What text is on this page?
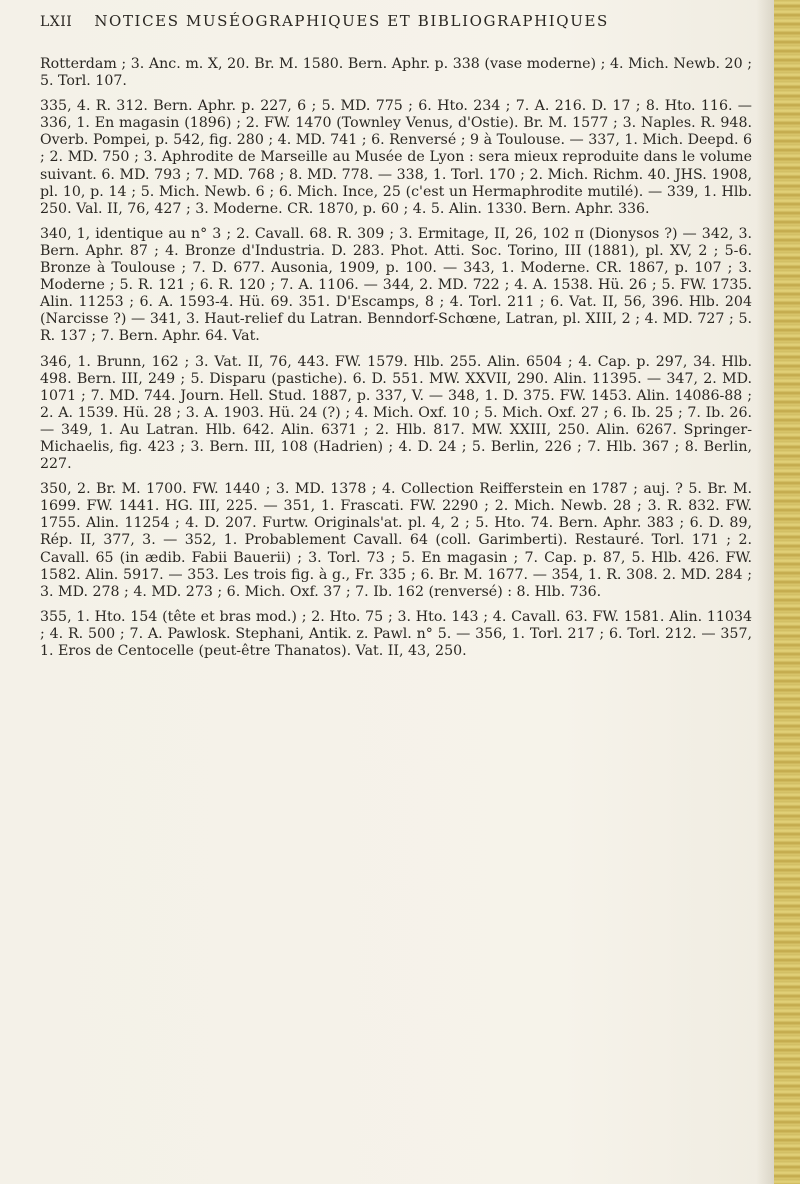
LXII NOTICES MUSÉOGRAPHIQUES ET BIBLIOGRAPHIQUES

Rotterdam ; 3. Anc. m. X, 20. Br. M. 1580. Bern. Aphr. p. 338 (vase moderne) ; 4. Mich. Newb. 20 ; 5. Torl. 107.

335, 4. R. 312. Bern. Aphr. p. 227, 6 ; 5. MD. 775 ; 6. Hto. 234 ; 7. A. 216. D. 17 ; 8. Hto. 116. — 336, 1. En magasin (1896) ; 2. FW. 1470 (Townley Venus, d'Ostie). Br. M. 1577 ; 3. Naples. R. 948. Overb. Pompei, p. 542, fig. 280 ; 4. MD. 741 ; 6. Renversé ; 9 à Toulouse. — 337, 1. Mich. Deepd. 6 ; 2. MD. 750 ; 3. Aphrodite de Marseille au Musée de Lyon : sera mieux reproduite dans le volume suivant. 6. MD. 793 ; 7. MD. 768 ; 8. MD. 778. — 338, 1. Torl. 170 ; 2. Mich. Richm. 40. JHS. 1908, pl. 10, p. 14 ; 5. Mich. Newb. 6 ; 6. Mich. Ince, 25 (c'est un Hermaphrodite mutilé). — 339, 1. Hlb. 250. Val. II, 76, 427 ; 3. Moderne. CR. 1870, p. 60 ; 4. 5. Alin. 1330. Bern. Aphr. 336.

340, 1, identique au n° 3 ; 2. Cavall. 68. R. 309 ; 3. Ermitage, II, 26, 102 π (Dionysos ?) — 342, 3. Bern. Aphr. 87 ; 4. Bronze d'Industria. D. 283. Phot. Atti. Soc. Torino, III (1881), pl. XV, 2 ; 5-6. Bronze à Toulouse ; 7. D. 677. Ausonia, 1909, p. 100. — 343, 1. Moderne. CR. 1867, p. 107 ; 3. Moderne ; 5. R. 121 ; 6. R. 120 ; 7. A. 1106. — 344, 2. MD. 722 ; 4. A. 1538. Hü. 26 ; 5. FW. 1735. Alin. 11253 ; 6. A. 1593-4. Hü. 69. 351. D'Escamps, 8 ; 4. Torl. 211 ; 6. Vat. II, 56, 396. Hlb. 204 (Narcisse ?) — 341, 3. Haut-relief du Latran. Benndorf-Schœne, Latran, pl. XIII, 2 ; 4. MD. 727 ; 5. R. 137 ; 7. Bern. Aphr. 64. Vat.

346, 1. Brunn, 162 ; 3. Vat. II, 76, 443. FW. 1579. Hlb. 255. Alin. 6504 ; 4. Cap. p. 297, 34. Hlb. 498. Bern. III, 249 ; 5. Disparu (pastiche). 6. D. 551. MW. XXVII, 290. Alin. 11395. — 347, 2. MD. 1071 ; 7. MD. 744. Journ. Hell. Stud. 1887, p. 337, V. — 348, 1. D. 375. FW. 1453. Alin. 14086-88 ; 2. A. 1539. Hü. 28 ; 3. A. 1903. Hü. 24 (?) ; 4. Mich. Oxf. 10 ; 5. Mich. Oxf. 27 ; 6. Ib. 25 ; 7. Ib. 26. — 349, 1. Au Latran. Hlb. 642. Alin. 6371 ; 2. Hlb. 817. MW. XXIII, 250. Alin. 6267. Springer-Michaelis, fig. 423 ; 3. Bern. III, 108 (Hadrien) ; 4. D. 24 ; 5. Berlin, 226 ; 7. Hlb. 367 ; 8. Berlin, 227.

350, 2. Br. M. 1700. FW. 1440 ; 3. MD. 1378 ; 4. Collection Reifferstein en 1787 ; auj. ? 5. Br. M. 1699. FW. 1441. HG. III, 225. — 351, 1. Frascati. FW. 2290 ; 2. Mich. Newb. 28 ; 3. R. 832. FW. 1755. Alin. 11254 ; 4. D. 207. Furtw. Originals'at. pl. 4, 2 ; 5. Hto. 74. Bern. Aphr. 383 ; 6. D. 89, Rép. II, 377, 3. — 352, 1. Probablement Cavall. 64 (coll. Garimberti). Restauré. Torl. 171 ; 2. Cavall. 65 (in ædib. Fabii Bauerii) ; 3. Torl. 73 ; 5. En magasin ; 7. Cap. p. 87, 5. Hlb. 426. FW. 1582. Alin. 5917. — 353. Les trois fig. à g., Fr. 335 ; 6. Br. M. 1677. — 354, 1. R. 308. 2. MD. 284 ; 3. MD. 278 ; 4. MD. 273 ; 6. Mich. Oxf. 37 ; 7. Ib. 162 (renversé) : 8. Hlb. 736.

355, 1. Hto. 154 (tête et bras mod.) ; 2. Hto. 75 ; 3. Hto. 143 ; 4. Cavall. 63. FW. 1581. Alin. 11034 ; 4. R. 500 ; 7. A. Pawlosk. Stephani, Antik. z. Pawl. n° 5. — 356, 1. Torl. 217 ; 6. Torl. 212. — 357, 1. Eros de Centocelle (peut-être Thanatos). Vat. II, 43, 250.
